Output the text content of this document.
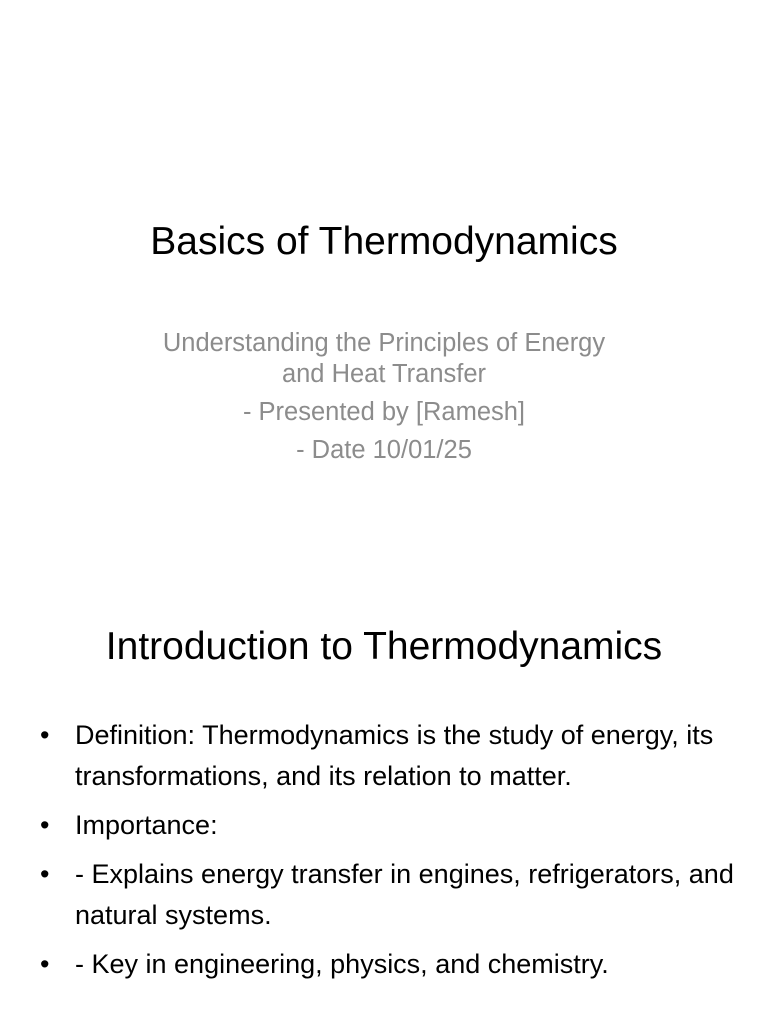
Basics of Thermodynamics
Understanding the Principles of Energy
and Heat Transfer
- Presented by [Ramesh]
- Date 10/01/25
Introduction to Thermodynamics
• Definition: Thermodynamics is the study of energy, its transformations, and its relation to matter.
• Importance:
• - Explains energy transfer in engines, refrigerators, and natural systems.
• - Key in engineering, physics, and chemistry.
